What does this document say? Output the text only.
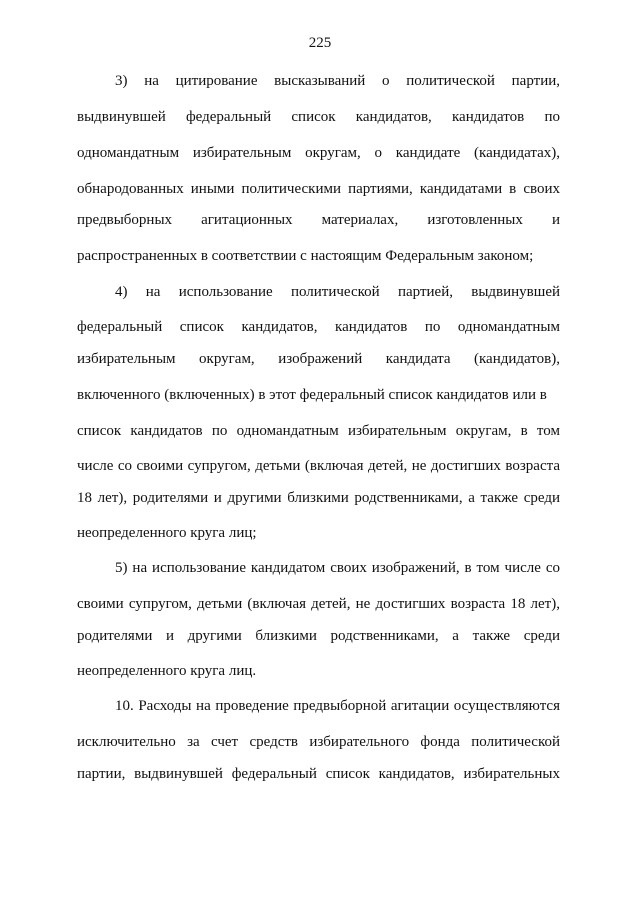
225
3) на цитирование высказываний о политической партии,
выдвинувшей федеральный список кандидатов, кандидатов по
одномандатным избирательным округам, о кандидате (кандидатах),
обнародованных иными политическими партиями, кандидатами в своих
предвыборных агитационных материалах, изготовленных и
распространенных в соответствии с настоящим Федеральным законом;
4) на использование политической партией, выдвинувшей
федеральный список кандидатов, кандидатов по одномандатным
избирательным округам, изображений кандидата (кандидатов),
включенного (включенных) в этот федеральный список кандидатов или в
список кандидатов по одномандатным избирательным округам, в том
числе со своими супругом, детьми (включая детей, не достигших возраста
18 лет), родителями и другими близкими родственниками, а также среди
неопределенного круга лиц;
5) на использование кандидатом своих изображений, в том числе со
своими супругом, детьми (включая детей, не достигших возраста 18 лет),
родителями и другими близкими родственниками, а также среди
неопределенного круга лиц.
10. Расходы на проведение предвыборной агитации осуществляются
исключительно за счет средств избирательного фонда политической
партии, выдвинувшей федеральный список кандидатов, избирательных
